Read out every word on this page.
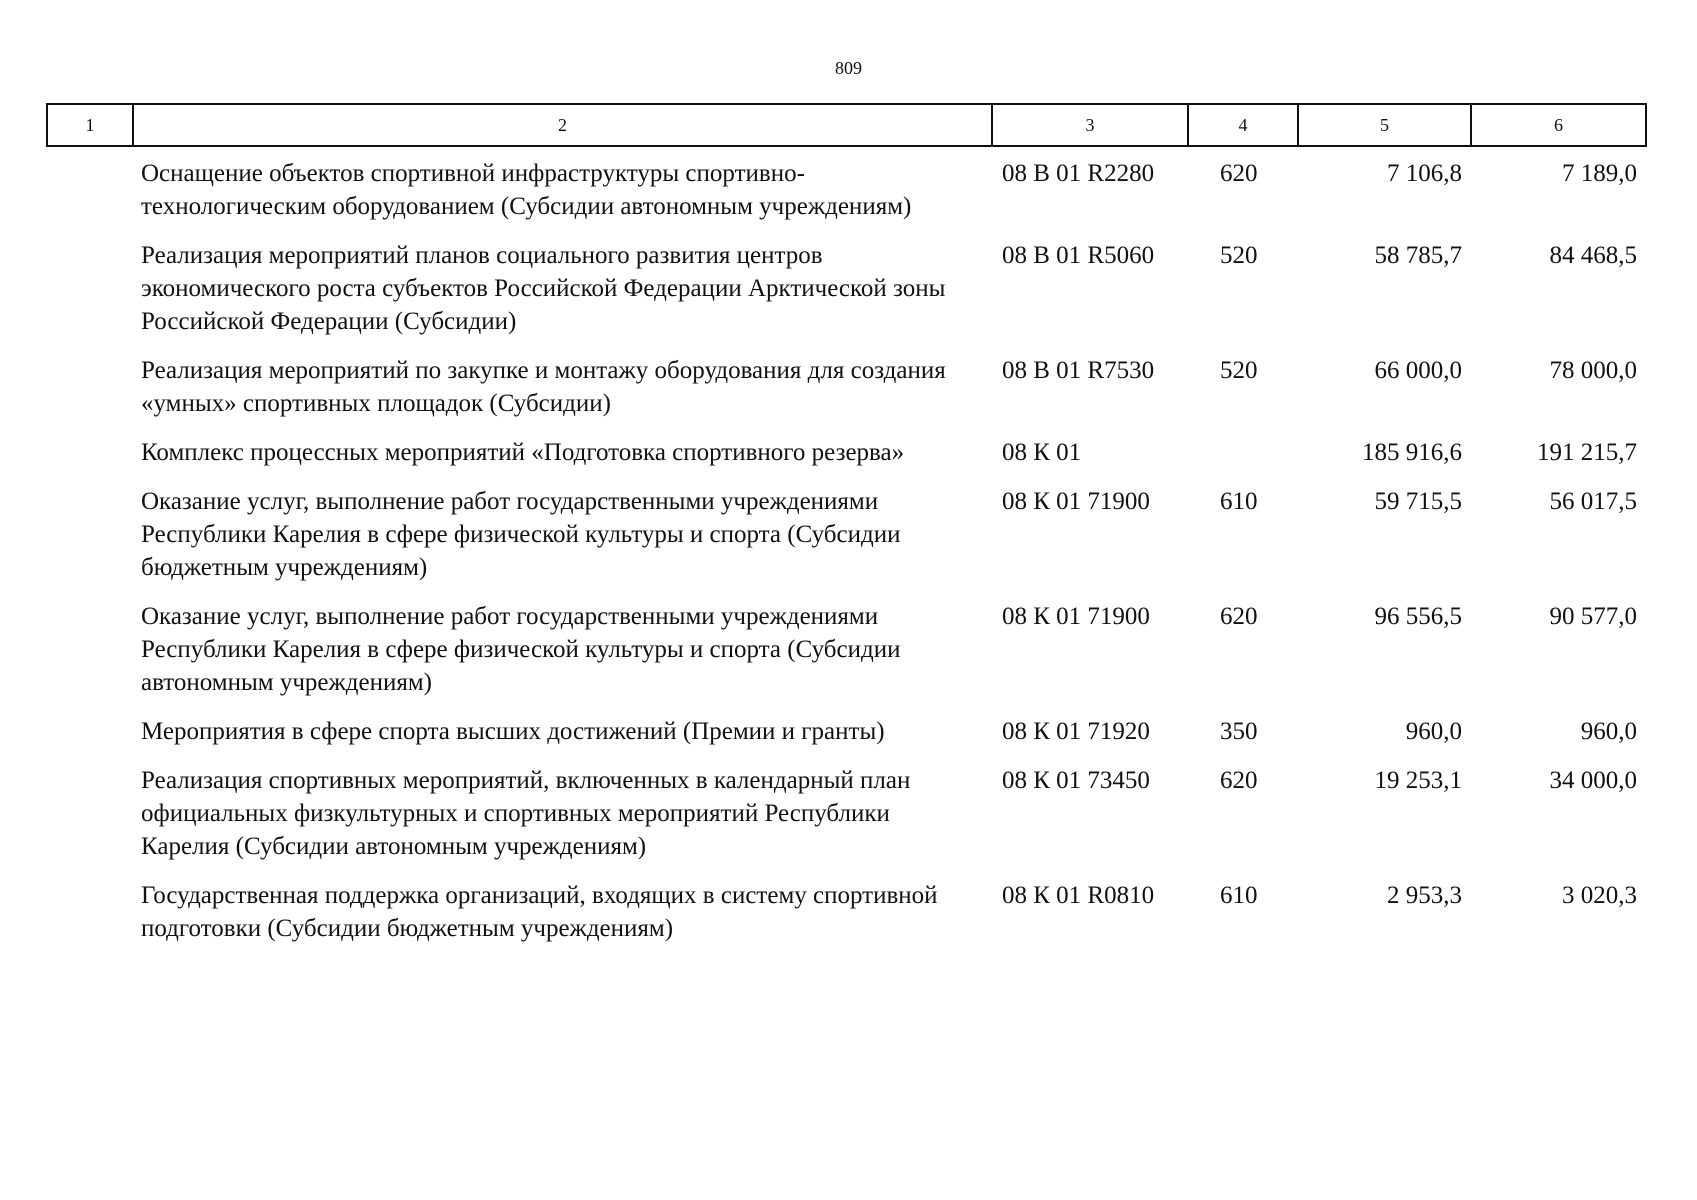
809
1	2	3	4	5	6
	Оснащение объектов спортивной инфраструктуры спортивно-технологическим оборудованием (Субсидии автономным учреждениям)	08 В 01 R2280	620	7 106,8	7 189,0
	Реализация мероприятий планов социального развития центров экономического роста субъектов Российской Федерации Арктической зоны Российской Федерации (Субсидии)	08 В 01 R5060	520	58 785,7	84 468,5
	Реализация мероприятий по закупке и монтажу оборудования для создания «умных» спортивных площадок (Субсидии)	08 В 01 R7530	520	66 000,0	78 000,0
	Комплекс процессных мероприятий «Подготовка спортивного резерва»	08 К 01		185 916,6	191 215,7
	Оказание услуг, выполнение работ государственными учреждениями Республики Карелия в сфере физической культуры и спорта (Субсидии бюджетным учреждениям)	08 К 01 71900	610	59 715,5	56 017,5
	Оказание услуг, выполнение работ государственными учреждениями Республики Карелия в сфере физической культуры и спорта (Субсидии автономным учреждениям)	08 К 01 71900	620	96 556,5	90 577,0
	Мероприятия в сфере спорта высших достижений (Премии и гранты)	08 К 01 71920	350	960,0	960,0
	Реализация спортивных мероприятий, включенных в календарный план официальных физкультурных и спортивных мероприятий Республики Карелия (Субсидии автономным учреждениям)	08 К 01 73450	620	19 253,1	34 000,0
	Государственная поддержка организаций, входящих в систему спортивной подготовки (Субсидии бюджетным учреждениям)	08 К 01 R0810	610	2 953,3	3 020,3
